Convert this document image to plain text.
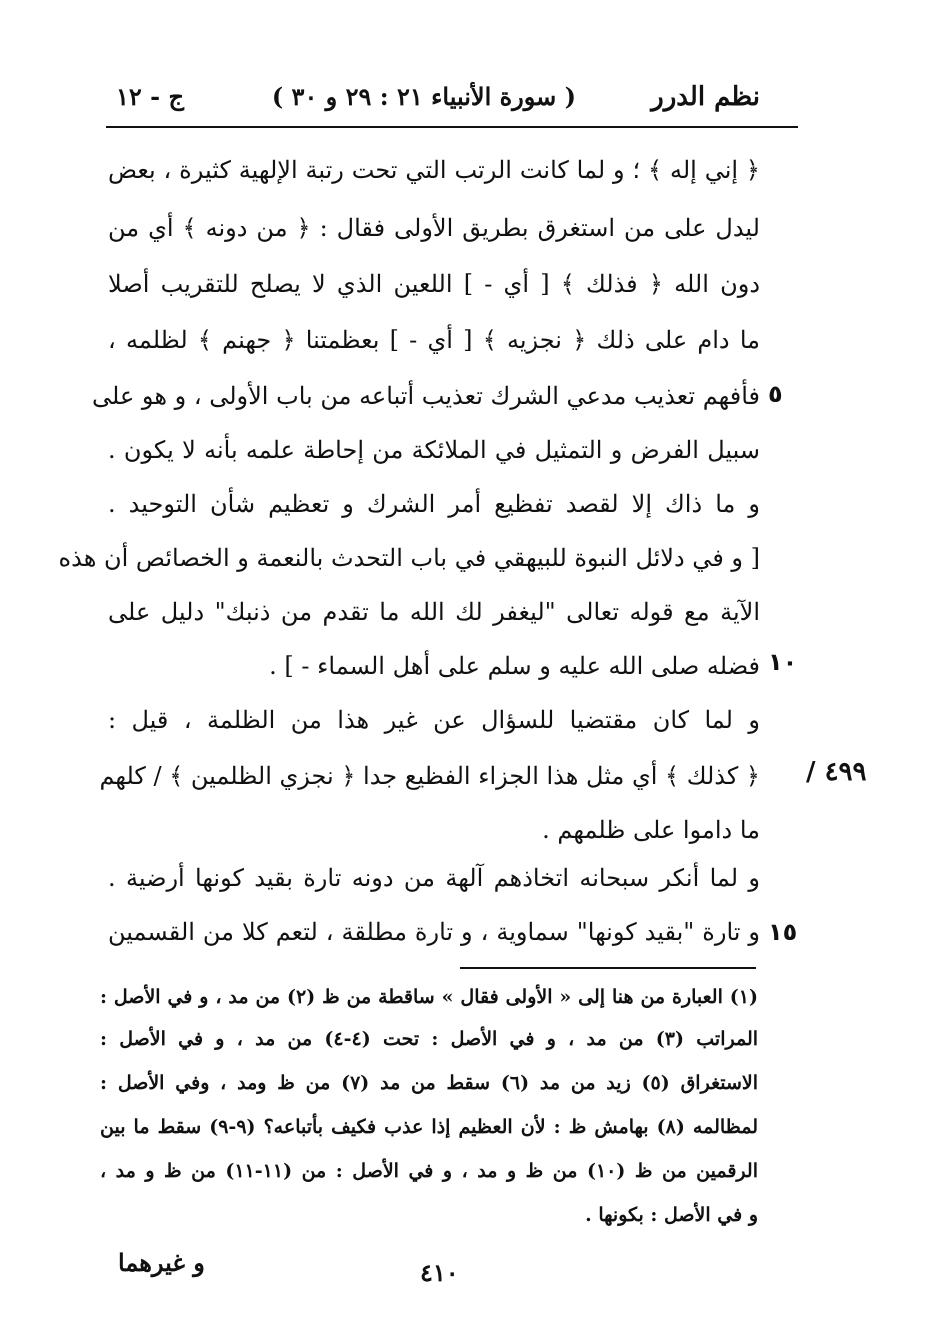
نظم الدرر
( سورة الأنبياء ٢١ : ٢٩ و ٣٠ )
ج - ١٢
﴿ إني إله ﴾ ؛ و لما كانت الرتب التي تحت رتبة الإلهية كثيرة ، بعض
ليدل على من استغرق بطريق الأولى فقال : ﴿ من دونه ﴾ أي من
دون الله ﴿ فذلك ﴾ [ أي - ] اللعين الذي لا يصلح للتقريب أصلا
ما دام على ذلك ﴿ نجزيه ﴾ [ أي - ] بعظمتنا ﴿ جهنم ﴾ لظلمه ،
فأفهم تعذيب مدعي الشرك تعذيب أتباعه من باب الأولى ، و هو على
سبيل الفرض و التمثيل في الملائكة من إحاطة علمه بأنه لا يكون .
و ما ذاك إلا لقصد تفظيع أمر الشرك و تعظيم شأن التوحيد .
[ و في دلائل النبوة للبيهقي في باب التحدث بالنعمة و الخصائص أن هذه
الآية مع قوله تعالى "ليغفر لك الله ما تقدم من ذنبك" دليل على
فضله صلى الله عليه و سلم على أهل السماء - ] .
و لما كان مقتضيا للسؤال عن غير هذا من الظلمة ، قيل :
﴿ كذلك ﴾ أي مثل هذا الجزاء الفظيع جدا ﴿ نجزي الظلمين ﴾ / كلهم
ما داموا على ظلمهم .
و لما أنكر سبحانه اتخاذهم آلهة من دونه تارة بقيد كونها أرضية .
و تارة "بقيد كونها" سماوية ، و تارة مطلقة ، لتعم كلا من القسمين
٥
١٠
١٥
٤٩٩ /
(١) العبارة من هنا إلى « الأولى فقال » ساقطة من ظ (٢) من مد ، و في الأصل :
المراتب (٣) من مد ، و في الأصل : تحت (٤-٤) من مد ، و في الأصل :
الاستغراق (٥) زيد من مد (٦) سقط من مد (٧) من ظ ومد ، وفي الأصل :
لمظالمه (٨) بهامش ظ : لأن العظيم إذا عذب فكيف بأتباعه؟ (٩-٩) سقط ما بين
الرقمين من ظ (١٠) من ظ و مد ، و في الأصل : من (١١-١١) من ظ و مد ،
و في الأصل : بكونها .
٤١٠
و غيرهما
